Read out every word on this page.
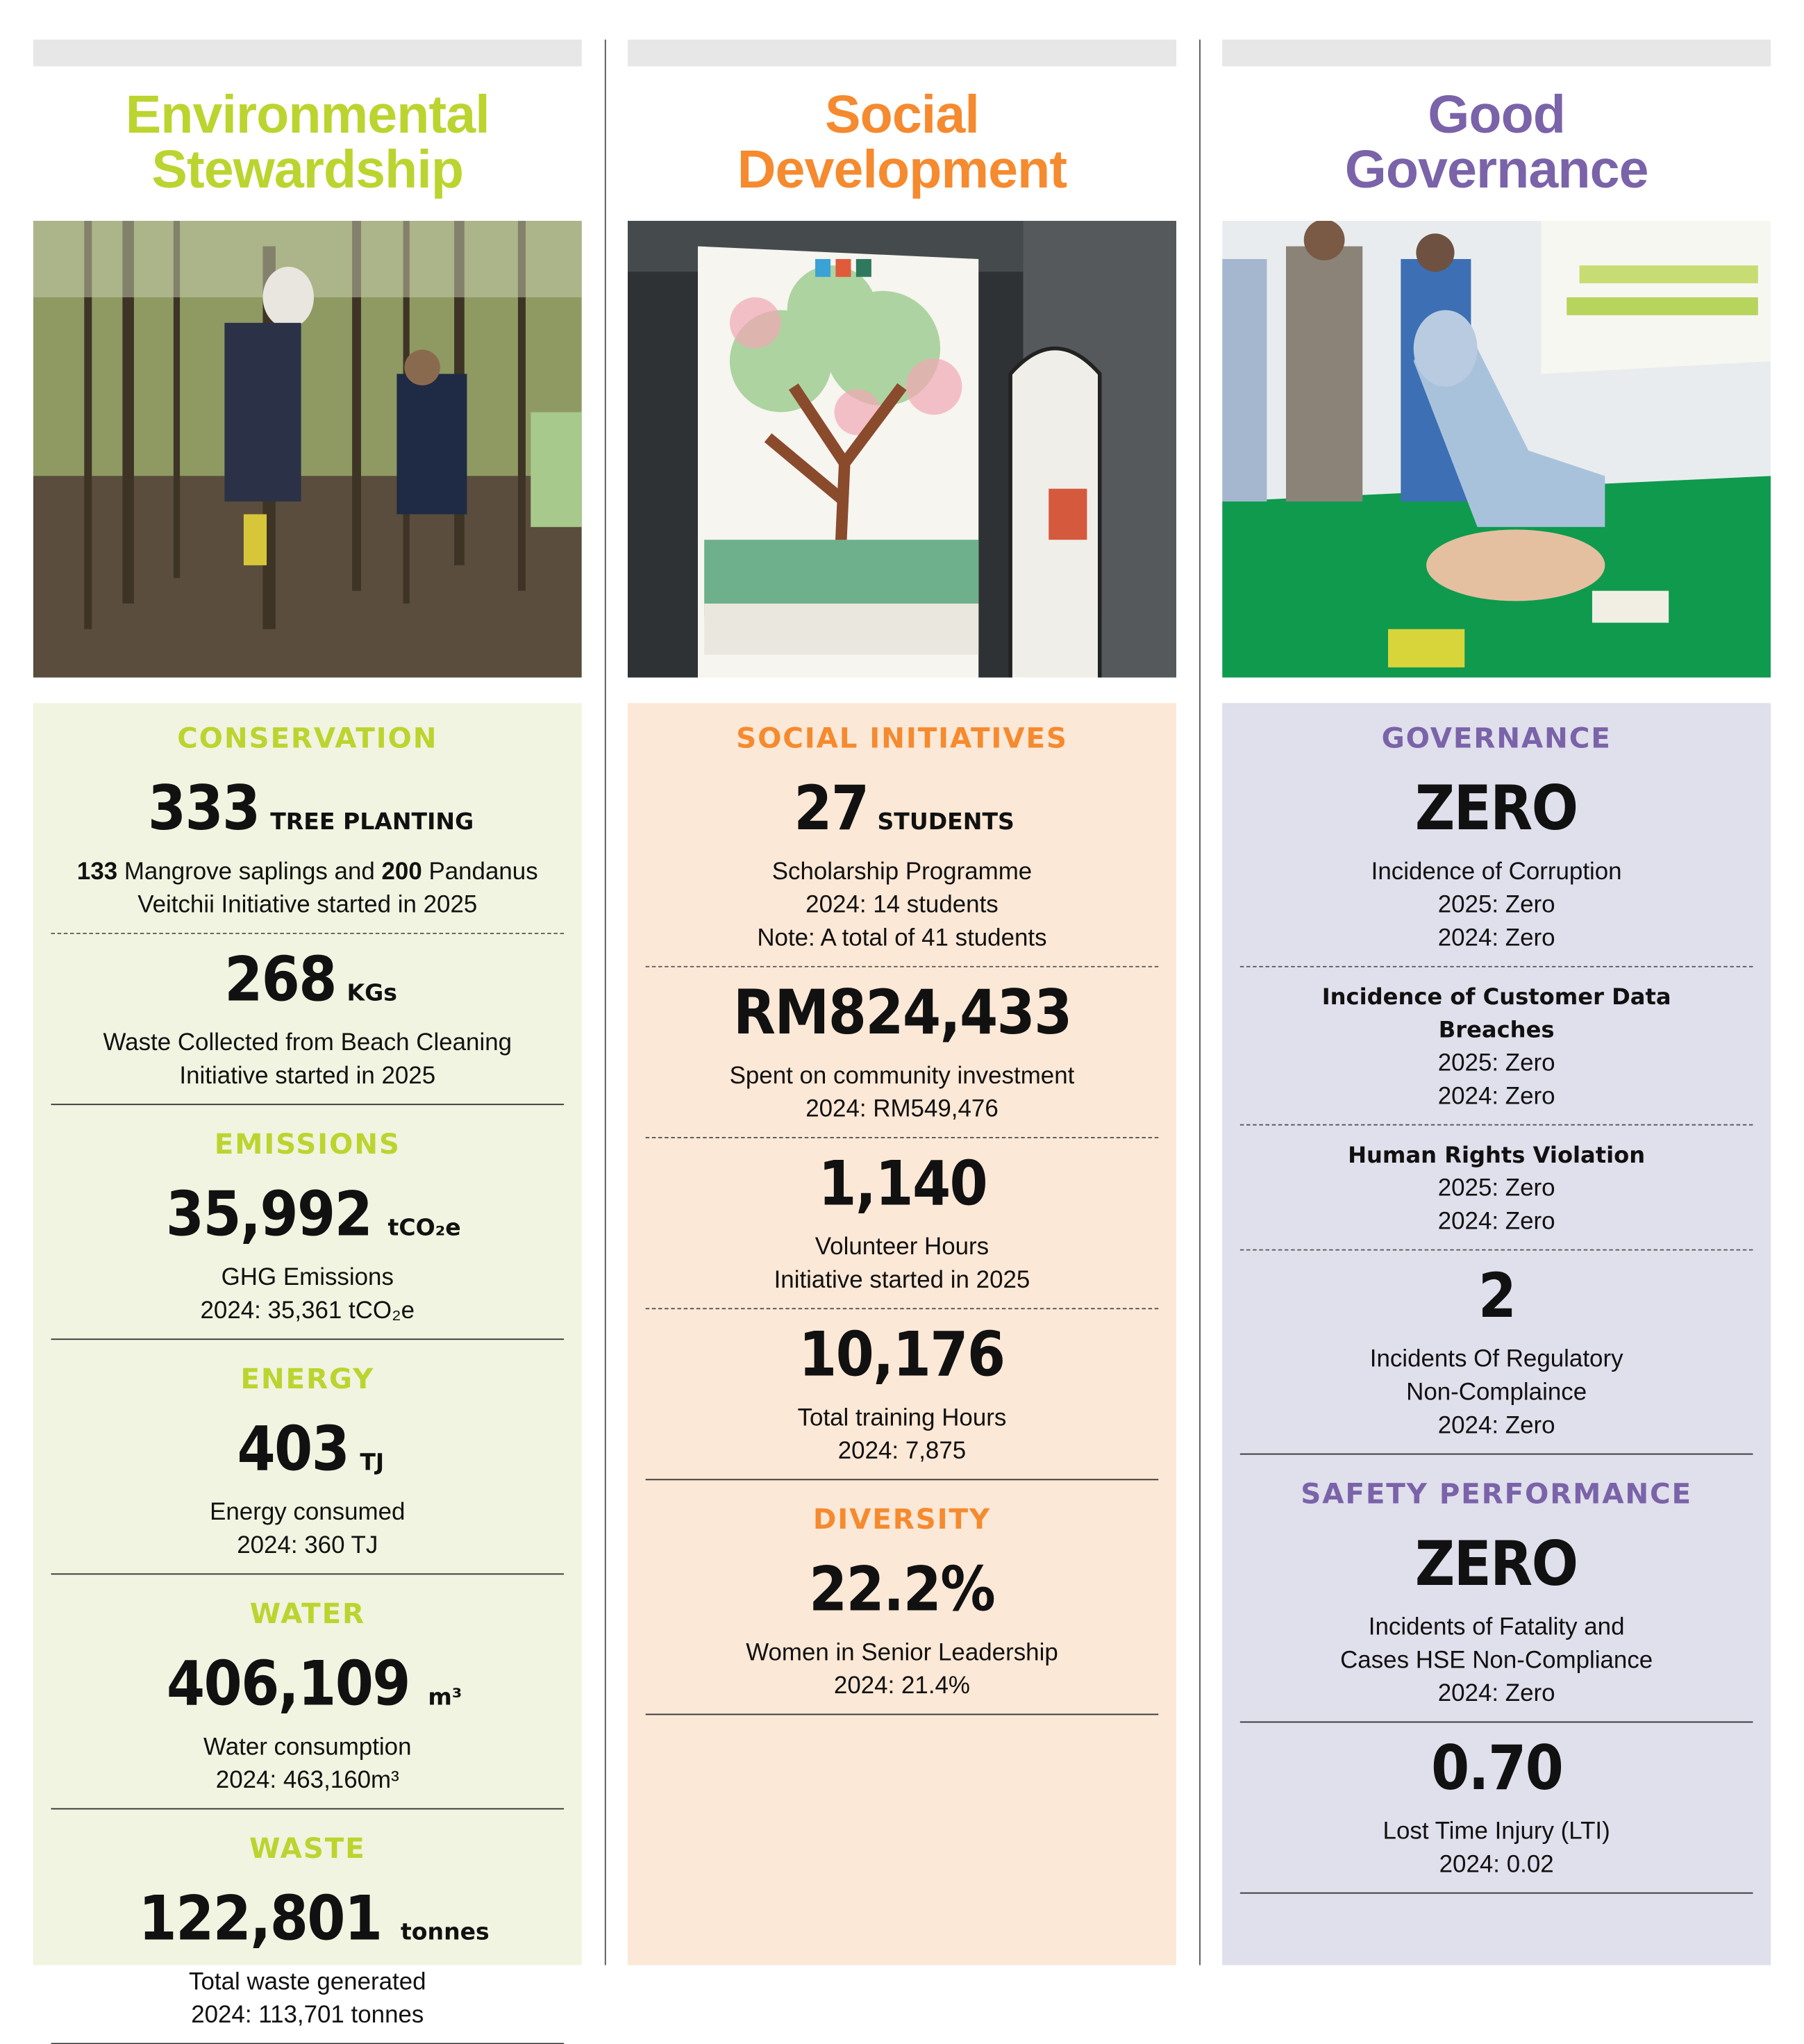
Environmental
Stewardship
CONSERVATION
333 TREE PLANTING
133 Mangrove saplings and 200 Pandanus
Veitchii Initiative started in 2025
268 KGs
Waste Collected from Beach Cleaning
Initiative started in 2025
EMISSIONS
35,992 tCO₂e
GHG Emissions
2024: 35,361 tCO₂e
ENERGY
403 TJ
Energy consumed
2024: 360 TJ
WATER
406,109 m³
Water consumption
2024: 463,160m³
WASTE
122,801 tonnes
Total waste generated
2024: 113,701 tonnes
Social
Development
SOCIAL INITIATIVES
27 STUDENTS
Scholarship Programme
2024: 14 students
Note: A total of 41 students
RM824,433
Spent on community investment
2024: RM549,476
1,140
Volunteer Hours
Initiative started in 2025
10,176
Total training Hours
2024: 7,875
DIVERSITY
22.2%
Women in Senior Leadership
2024: 21.4%
Good
Governance
GOVERNANCE
ZERO
Incidence of Corruption
2025: Zero
2024: Zero
Incidence of Customer Data
Breaches
2025: Zero
2024: Zero
Human Rights Violation
2025: Zero
2024: Zero
2
Incidents Of Regulatory
Non-Complaince
2024: Zero
SAFETY PERFORMANCE
ZERO
Incidents of Fatality and
Cases HSE Non-Compliance
2024: Zero
0.70
Lost Time Injury (LTI)
2024: 0.02
